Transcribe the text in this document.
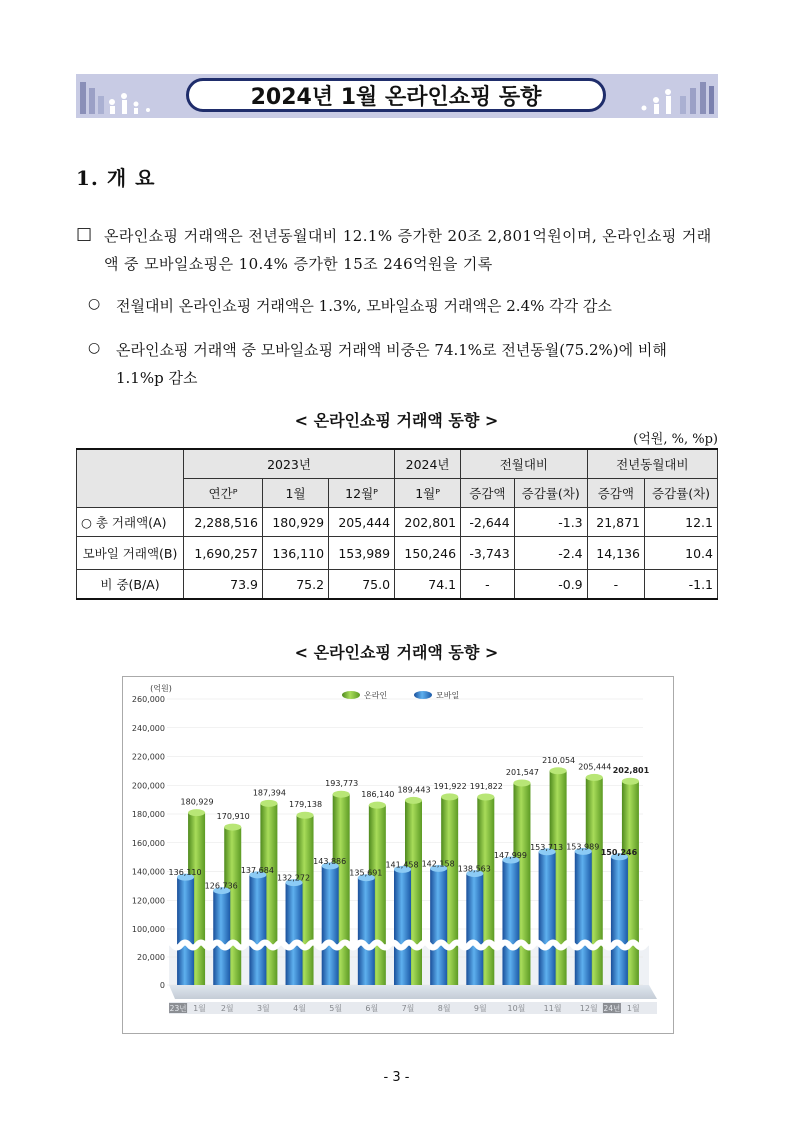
2024년 1월 온라인쇼핑 동향
1. 개 요
□ 온라인쇼핑 거래액은 전년동월대비 12.1% 증가한 20조 2,801억원이며, 온라인쇼핑 거래액 중 모바일쇼핑은 10.4% 증가한 15조 246억원을 기록
○ 전월대비 온라인쇼핑 거래액은 1.3%, 모바일쇼핑 거래액은 2.4% 각각 감소
○ 온라인쇼핑 거래액 중 모바일쇼핑 거래액 비중은 74.1%로 전년동월(75.2%)에 비해 1.1%p 감소
< 온라인쇼핑 거래액 동향 >
(억원, %, %p)
	2023년			2024년	전월대비		전년동월대비	
	연간ᴾ	1월	12월ᴾ	1월ᴾ	증감액	증감률(차)	증감액	증감률(차)
○ 총 거래액(A)	2,288,516	180,929	205,444	202,801	-2,644	-1.3	21,871	12.1
모바일 거래액(B)	1,690,257	136,110	153,989	150,246	-3,743	-2.4	14,136	10.4
비 중(B/A)	73.9	75.2	75.0	74.1	-	-0.9	-	-1.1
< 온라인쇼핑 거래액 동향 >
(억원)
260,000
240,000
220,000
200,000
180,000
160,000
140,000
120,000
100,000
20,000
0
온라인	모바일
180,929
136,110
170,910
126,736
187,394
137,684
179,138
132,272
193,773
143,886
186,140
135,691
189,443
141,458
191,922
142,158
191,822
138,563
201,547
147,999
210,054
153,713
205,444
153,989
202,801
150,246
- 3 -
